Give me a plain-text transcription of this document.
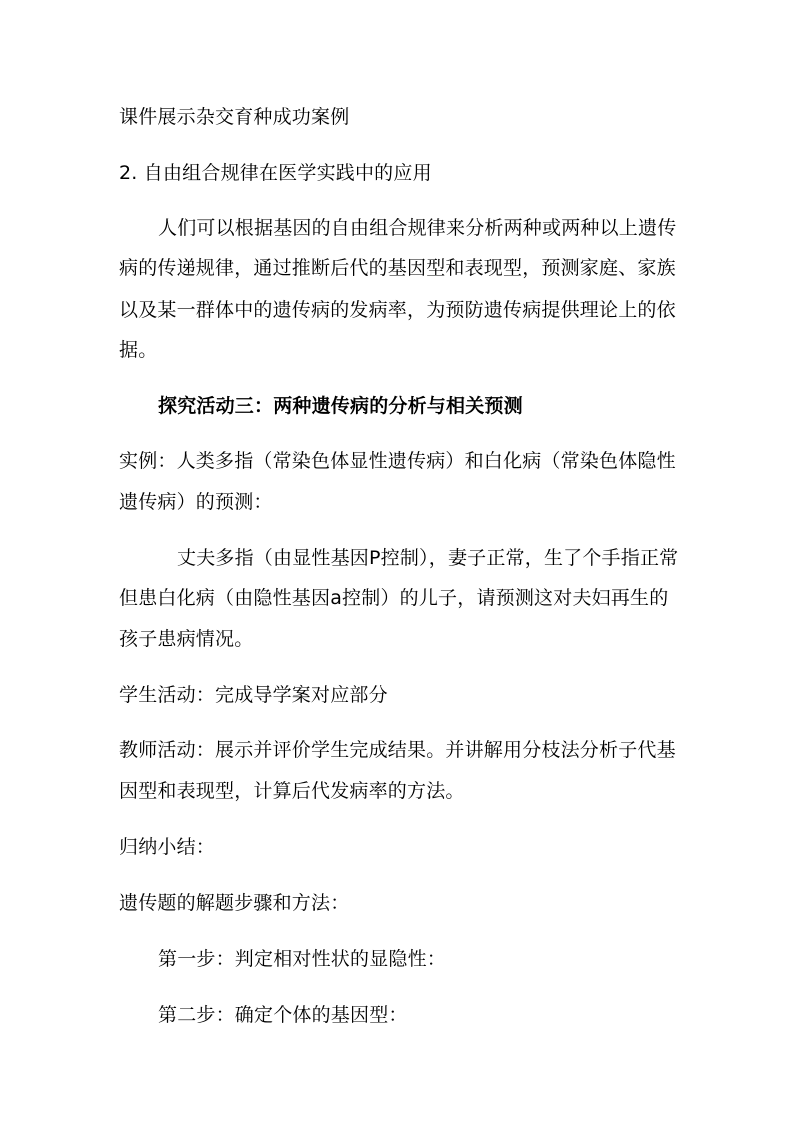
课件展示杂交育种成功案例
2. 自由组合规律在医学实践中的应用
人们可以根据基因的自由组合规律来分析两种或两种以上遗传
病的传递规律，通过推断后代的基因型和表现型，预测家庭、家族
以及某一群体中的遗传病的发病率，为预防遗传病提供理论上的依
据。
探究活动三：两种遗传病的分析与相关预测
实例：人类多指（常染色体显性遗传病）和白化病（常染色体隐性
遗传病）的预测：
丈夫多指（由显性基因P控制），妻子正常，生了个手指正常
但患白化病（由隐性基因a控制）的儿子，请预测这对夫妇再生的
孩子患病情况。
学生活动：完成导学案对应部分
教师活动：展示并评价学生完成结果。并讲解用分枝法分析子代基
因型和表现型，计算后代发病率的方法。
归纳小结：
遗传题的解题步骤和方法：
第一步：判定相对性状的显隐性：
第二步：确定个体的基因型：
